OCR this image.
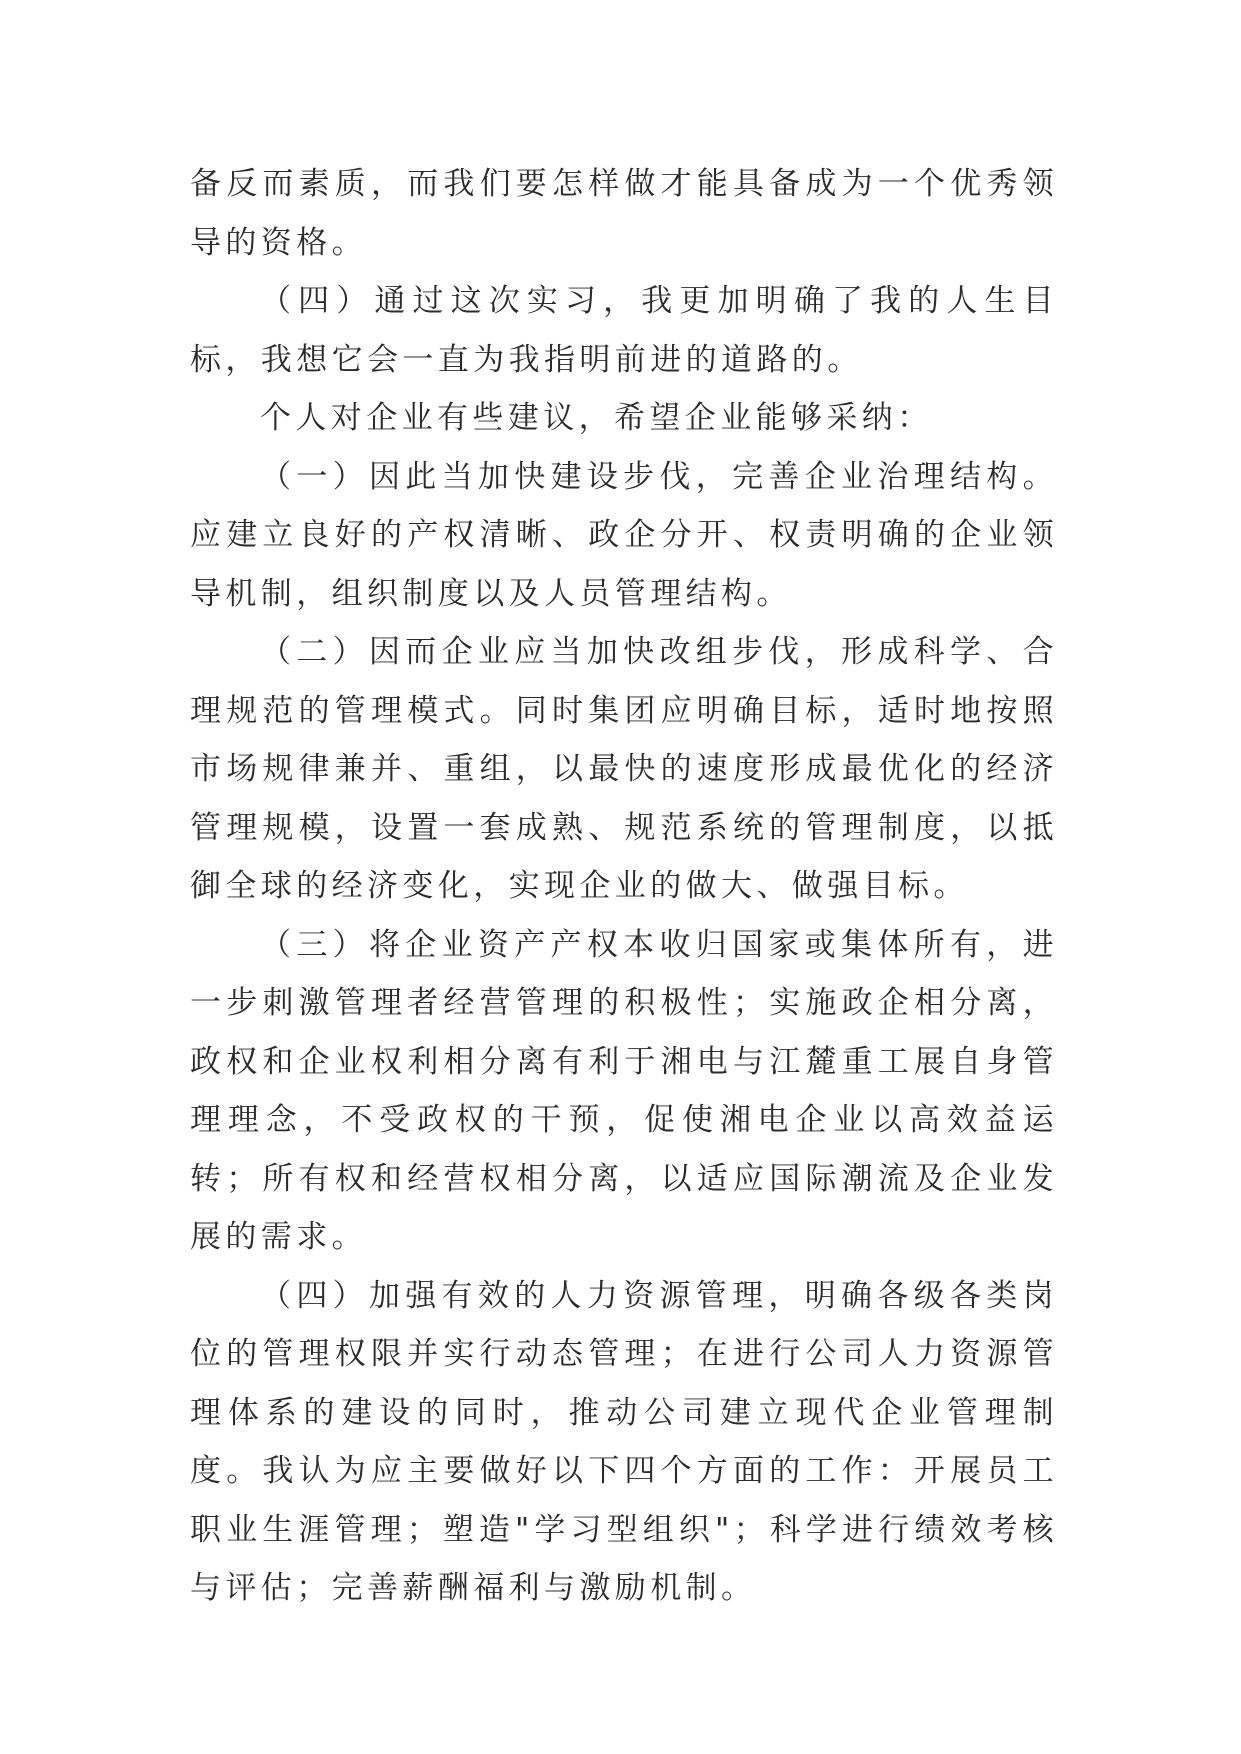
备反而素质，而我们要怎样做才能具备成为一个优秀领导的资格。

（四）通过这次实习，我更加明确了我的人生目标，我想它会一直为我指明前进的道路的。

个人对企业有些建议，希望企业能够采纳：

（一）因此当加快建设步伐，完善企业治理结构。应建立良好的产权清晰、政企分开、权责明确的企业领导机制，组织制度以及人员管理结构。

（二）因而企业应当加快改组步伐，形成科学、合理规范的管理模式。同时集团应明确目标，适时地按照市场规律兼并、重组，以最快的速度形成最优化的经济管理规模，设置一套成熟、规范系统的管理制度，以抵御全球的经济变化，实现企业的做大、做强目标。

（三）将企业资产产权本收归国家或集体所有，进一步刺激管理者经营管理的积极性；实施政企相分离，政权和企业权利相分离有利于湘电与江麓重工展自身管理理念，不受政权的干预，促使湘电企业以高效益运转；所有权和经营权相分离，以适应国际潮流及企业发展的需求。

（四）加强有效的人力资源管理，明确各级各类岗位的管理权限并实行动态管理；在进行公司人力资源管理体系的建设的同时，推动公司建立现代企业管理制度。我认为应主要做好以下四个方面的工作：开展员工职业生涯管理；塑造"学习型组织"；科学进行绩效考核与评估；完善薪酬福利与激励机制。
